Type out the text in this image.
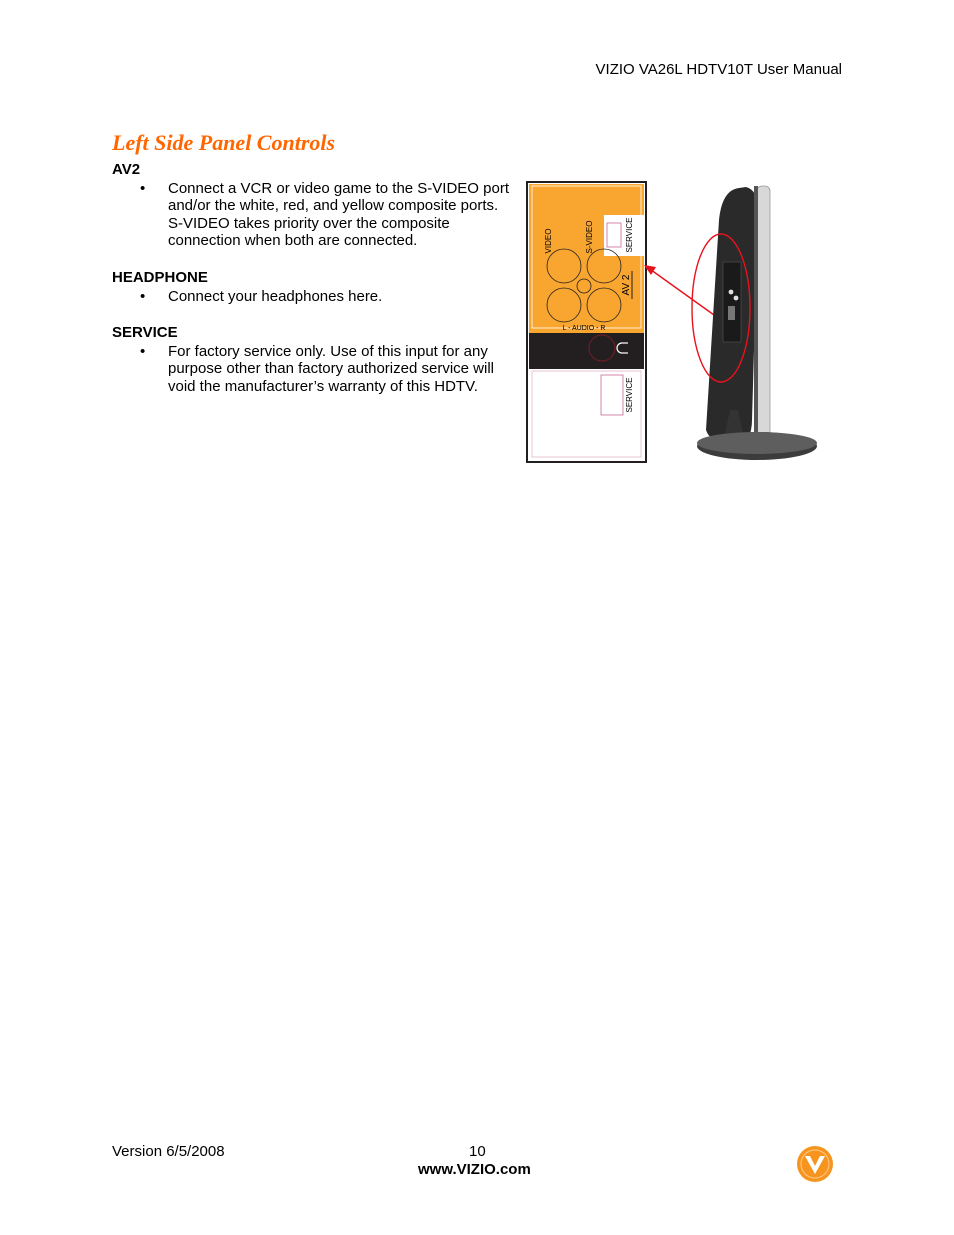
VIZIO VA26L HDTV10T User Manual
Left Side Panel Controls

AV2

• Connect a VCR or video game to the S-VIDEO port and/or the white, red, and yellow composite ports. S-VIDEO takes priority over the composite connection when both are connected.

HEADPHONE

• Connect your headphones here.

SERVICE

• For factory service only. Use of this input for any purpose other than factory authorized service will void the manufacturer’s warranty of this HDTV.
SERVICE
VIDEO	S-VIDEO
AV 2
L - AUDIO - R
SERVICE
Version 6/5/2008	10
www.VIZIO.com
